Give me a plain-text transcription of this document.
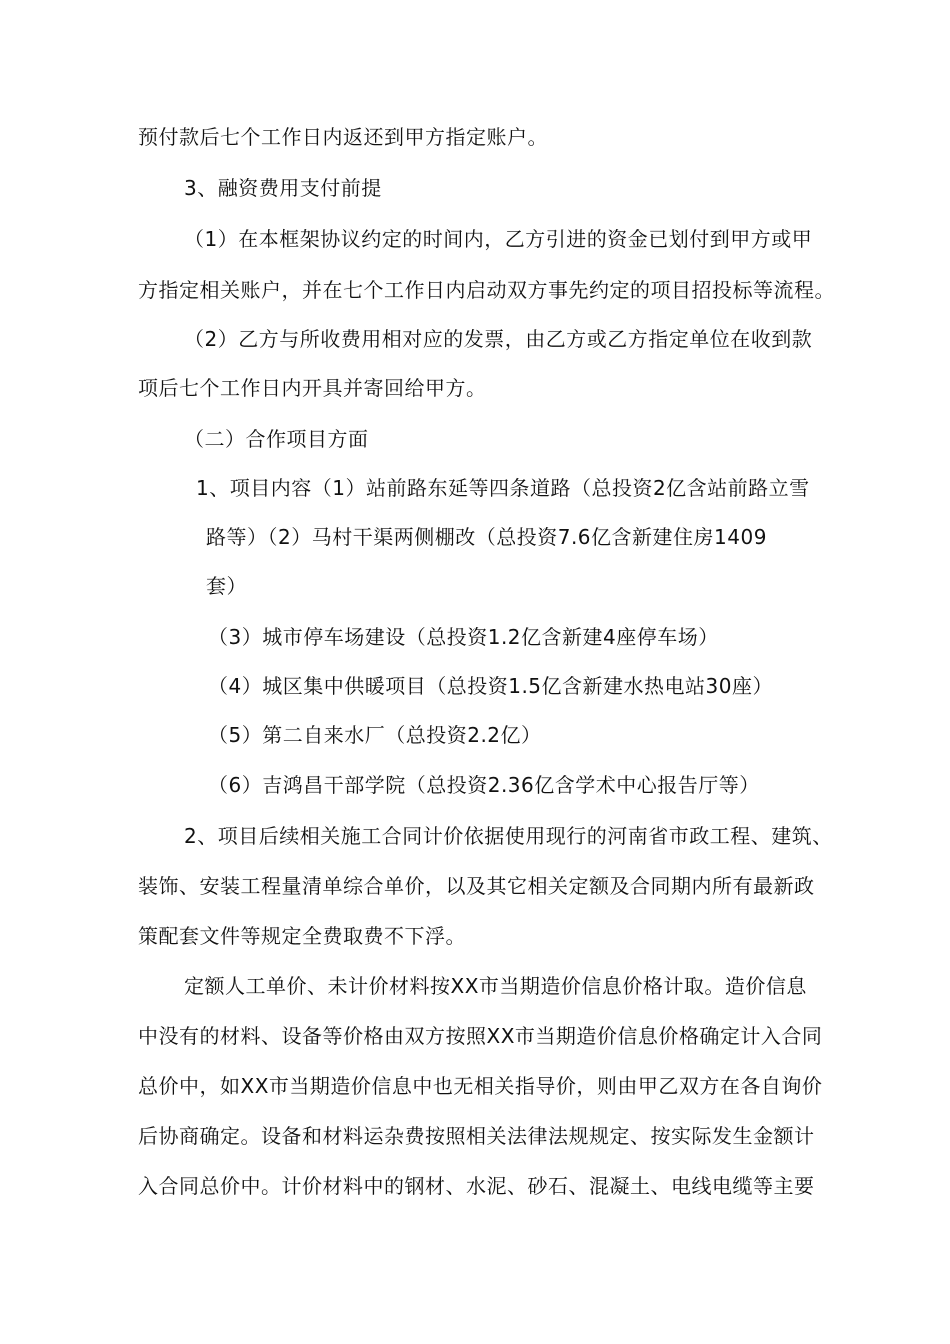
预付款后七个工作日内返还到甲方指定账户。
3、融资费用支付前提
（1）在本框架协议约定的时间内，乙方引进的资金已划付到甲方或甲
方指定相关账户，并在七个工作日内启动双方事先约定的项目招投标等流程。
（2）乙方与所收费用相对应的发票，由乙方或乙方指定单位在收到款
项后七个工作日内开具并寄回给甲方。
（二）合作项目方面
1、项目内容（1）站前路东延等四条道路（总投资2亿含站前路立雪
路等）（2）马村干渠两侧棚改（总投资7.6亿含新建住房1409
套）
（3）城市停车场建设（总投资1.2亿含新建4座停车场）
（4）城区集中供暖项目（总投资1.5亿含新建水热电站30座）
（5）第二自来水厂（总投资2.2亿）
（6）吉鸿昌干部学院（总投资2.36亿含学术中心报告厅等）
2、项目后续相关施工合同计价依据使用现行的河南省市政工程、建筑、
装饰、安装工程量清单综合单价，以及其它相关定额及合同期内所有最新政
策配套文件等规定全费取费不下浮。
定额人工单价、未计价材料按XX市当期造价信息价格计取。造价信息
中没有的材料、设备等价格由双方按照XX市当期造价信息价格确定计入合同
总价中，如XX市当期造价信息中也无相关指导价，则由甲乙双方在各自询价
后协商确定。设备和材料运杂费按照相关法律法规规定、按实际发生金额计
入合同总价中。计价材料中的钢材、水泥、砂石、混凝土、电线电缆等主要
